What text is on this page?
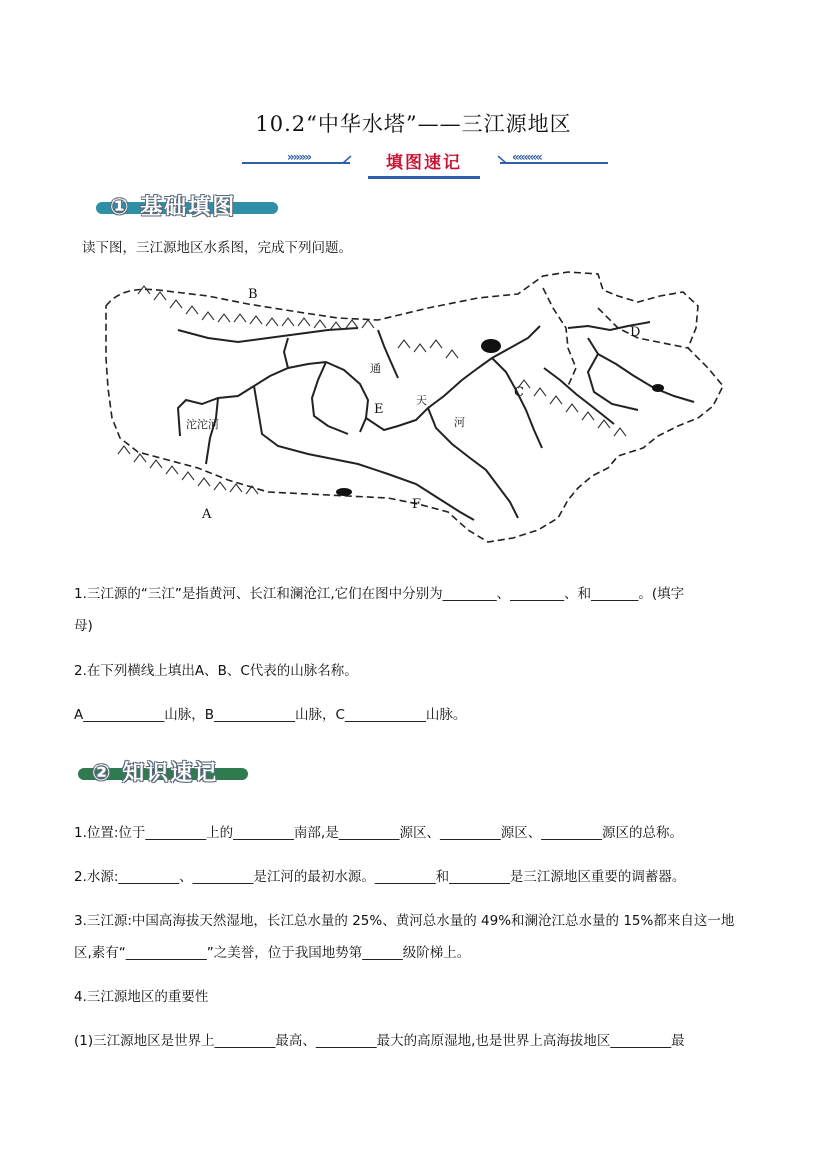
10.2“中华水塔”——三江源地区
»»»»	«««««
填图速记
① 基础填图
读下图，三江源地区水系图，完成下列问题。
B
A
C
D
E
F
通
天
河
沱沱河
1.三江源的“三江”是指黄河、长江和澜沧江,它们在图中分别为________、________、和_______。(填字
母)
2.在下列横线上填出A、B、C代表的山脉名称。
A____________山脉，B____________山脉，C____________山脉。
② 知识速记
1.位置:位于_________上的_________南部,是_________源区、_________源区、_________源区的总称。
2.水源:_________、_________是江河的最初水源。_________和_________是三江源地区重要的调蓄器。
3.三江源:中国高海拔天然湿地，长江总水量的 25%、黄河总水量的 49%和澜沧江总水量的 15%都来自这一地
区,素有“____________”之美誉，位于我国地势第______级阶梯上。
4.三江源地区的重要性
(1)三江源地区是世界上_________最高、_________最大的高原湿地,也是世界上高海拔地区_________最
